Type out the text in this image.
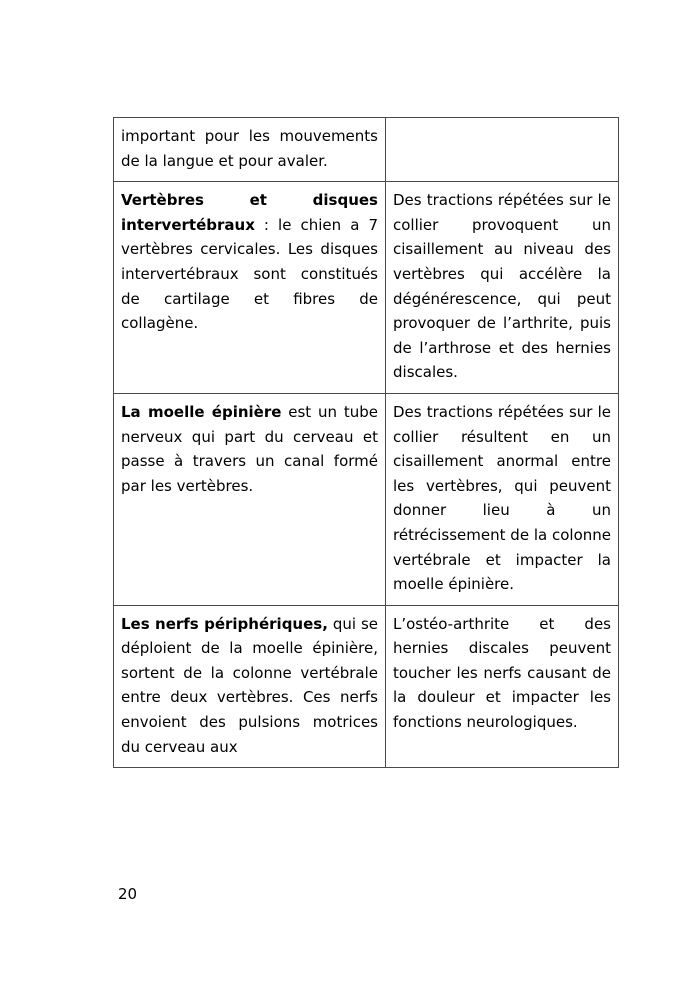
important pour les mouvements de la langue et pour avaler.	

Vertèbres et disques intervertébraux : le chien a 7 vertèbres cervicales. Les disques intervertébraux sont constitués de cartilage et fibres de collagène.	Des tractions répétées sur le collier provoquent un cisaillement au niveau des vertèbres qui accélère la dégénérescence, qui peut provoquer de l’arthrite, puis de l’arthrose et des hernies discales.

La moelle épinière est un tube nerveux qui part du cerveau et passe à travers un canal formé par les vertèbres.	Des tractions répétées sur le collier résultent en un cisaillement anormal entre les vertèbres, qui peuvent donner lieu à un rétrécissement de la colonne vertébrale et impacter la moelle épinière.

Les nerfs périphériques, qui se déploient de la moelle épinière, sortent de la colonne vertébrale entre deux vertèbres. Ces nerfs envoient des pulsions motrices du cerveau aux	L’ostéo-arthrite et des hernies discales peuvent toucher les nerfs causant de la douleur et impacter les fonctions neurologiques.
20
